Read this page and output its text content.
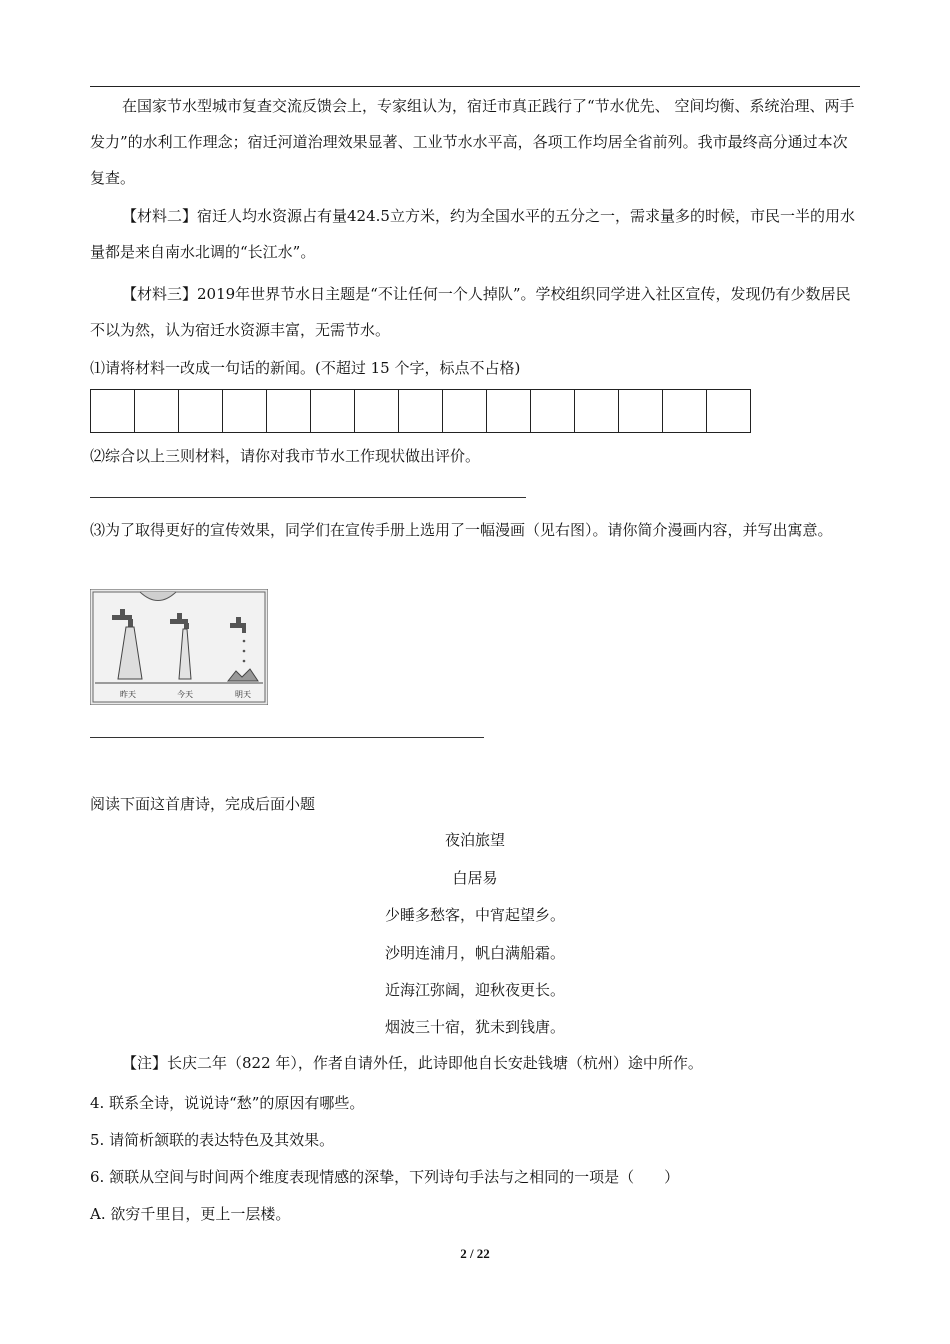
在国家节水型城市复查交流反馈会上，专家组认为，宿迁市真正践行了“节水优先、 空间均衡、系统治理、两手发力”的水利工作理念；宿迁河道治理效果显著、工业节水水平高，各项工作均居全省前列。我市最终高分通过本次复查。

【材料二】宿迁人均水资源占有量424.5立方米，约为全国水平的五分之一，需求量多的时候，市民一半的用水量都是来自南水北调的“长江水”。

【材料三】2019年世界节水日主题是“不让任何一个人掉队”。学校组织同学进入社区宣传，发现仍有少数居民不以为然，认为宿迁水资源丰富，无需节水。

⑴请将材料一改成一句话的新闻。(不超过 15 个字，标点不占格)

⑵综合以上三则材料，请你对我市节水工作现状做出评价。

⑶为了取得更好的宣传效果，同学们在宣传手册上选用了一幅漫画（见右图）。请你简介漫画内容，并写出寓意。

昨天	今天	明天

阅读下面这首唐诗，完成后面小题

夜泊旅望

白居易

少睡多愁客，中宵起望乡。

沙明连浦月，帆白满船霜。

近海江弥阔，迎秋夜更长。

烟波三十宿，犹未到钱唐。

【注】长庆二年（822 年），作者自请外任，此诗即他自长安赴钱塘（杭州）途中所作。

4. 联系全诗，说说诗“愁”的原因有哪些。

5. 请简析颔联的表达特色及其效果。

6. 颔联从空间与时间两个维度表现情感的深挚，下列诗句手法与之相同的一项是（　　）

A. 欲穷千里目，更上一层楼。

2 / 22
